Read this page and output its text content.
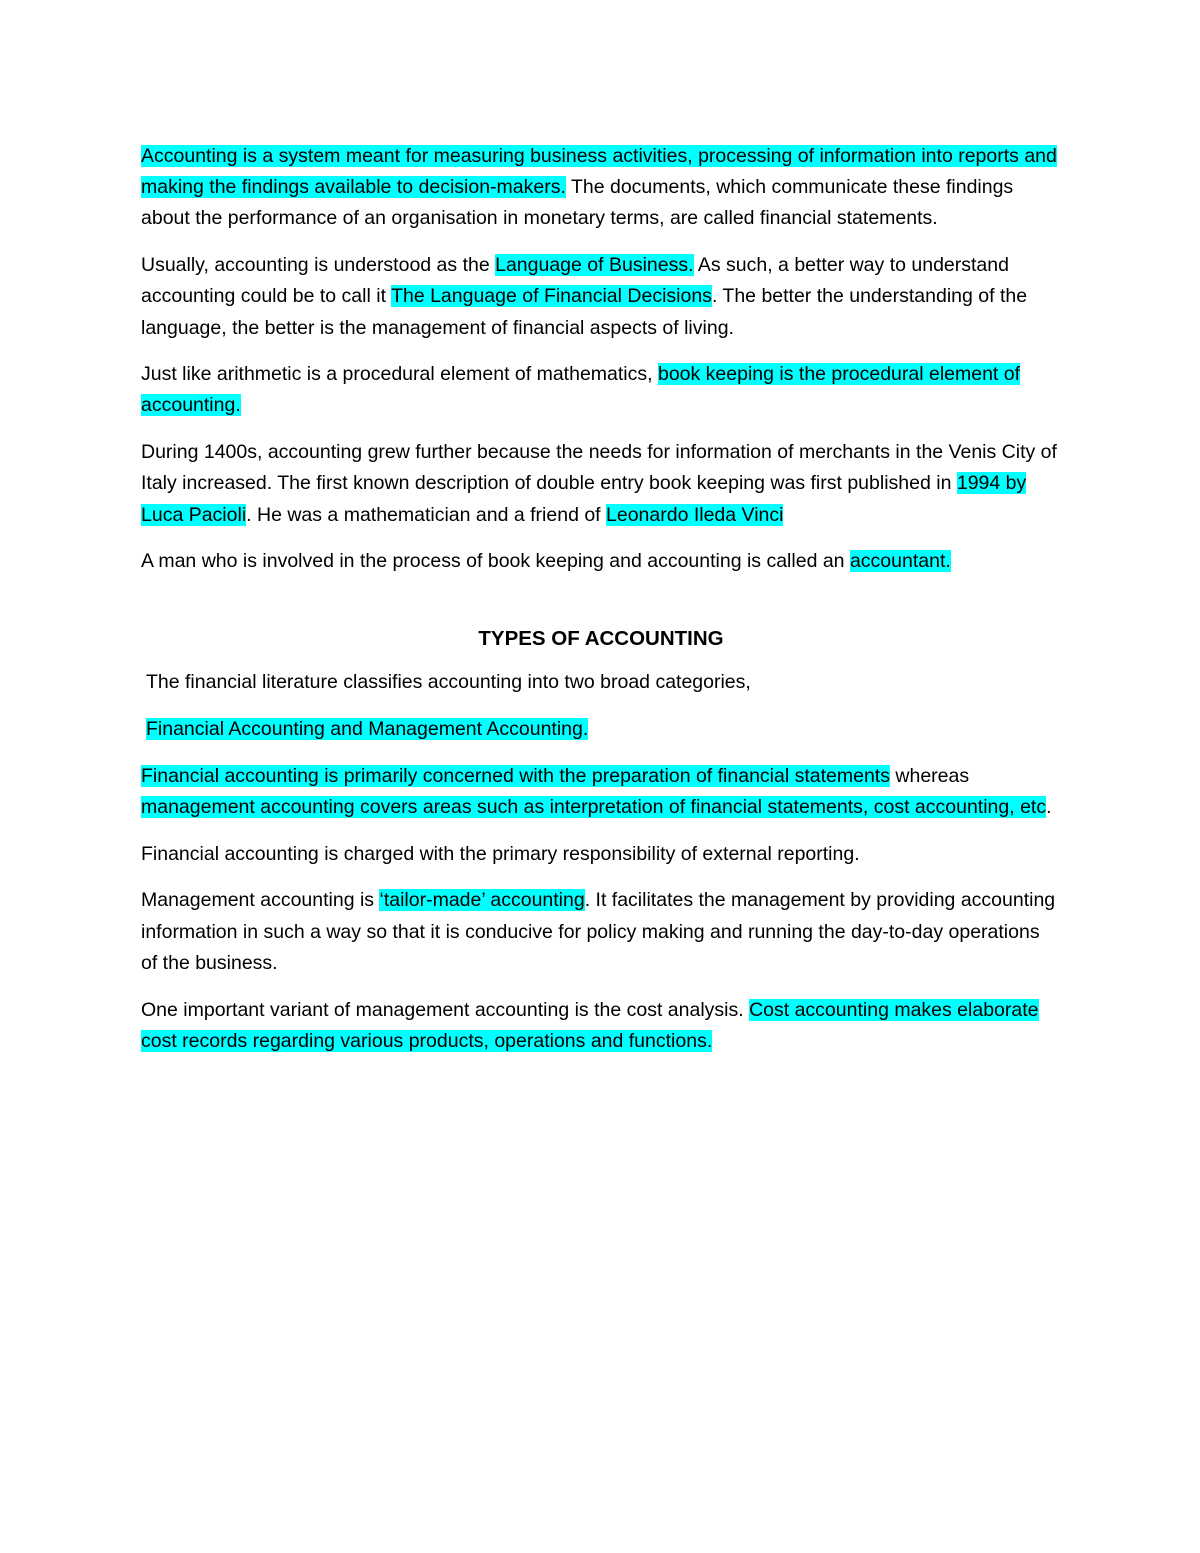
Accounting is a system meant for measuring business activities, processing of information into reports and making the findings available to decision-makers. The documents, which communicate these findings about the performance of an organisation in monetary terms, are called financial statements.

Usually, accounting is understood as the Language of Business. As such, a better way to understand accounting could be to call it The Language of Financial Decisions. The better the understanding of the language, the better is the management of financial aspects of living.

Just like arithmetic is a procedural element of mathematics, book keeping is the procedural element of accounting.

During 1400s, accounting grew further because the needs for information of merchants in the Venis City of Italy increased. The first known description of double entry book keeping was first published in 1994 by Luca Pacioli. He was a mathematician and a friend of Leonardo Ileda Vinci

A man who is involved in the process of book keeping and accounting is called an accountant.

TYPES OF ACCOUNTING

The financial literature classifies accounting into two broad categories,

Financial Accounting and Management Accounting.

Financial accounting is primarily concerned with the preparation of financial statements whereas management accounting covers areas such as interpretation of financial statements, cost accounting, etc.

Financial accounting is charged with the primary responsibility of external reporting.

Management accounting is ‘tailor-made’ accounting. It facilitates the management by providing accounting information in such a way so that it is conducive for policy making and running the day-to-day operations of the business.

One important variant of management accounting is the cost analysis. Cost accounting makes elaborate cost records regarding various products, operations and functions.
